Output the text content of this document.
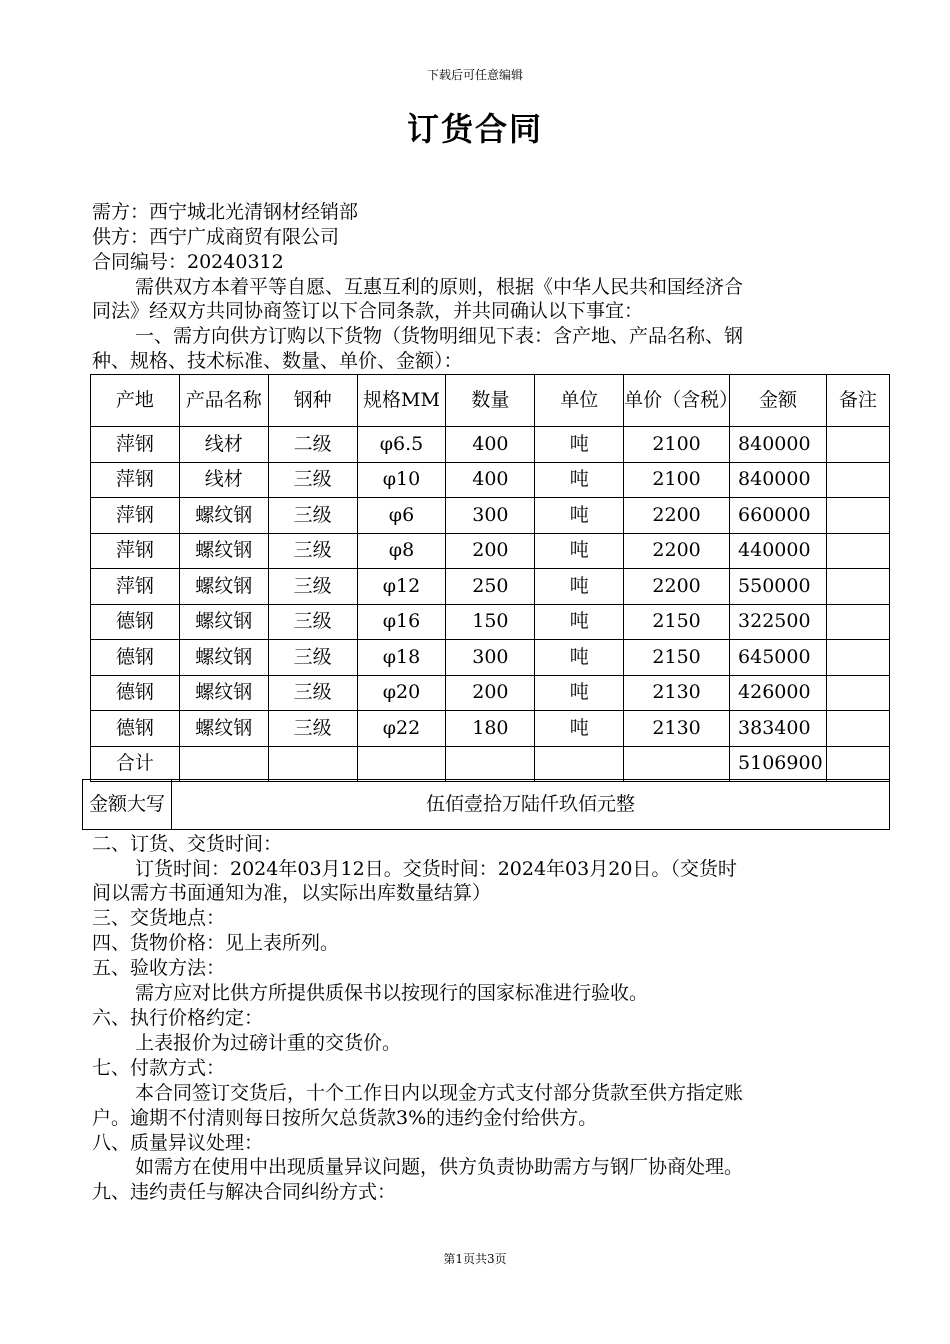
下载后可任意编辑
订货合同
需方：西宁城北光清钢材经销部
供方：西宁广成商贸有限公司
合同编号：20240312
需供双方本着平等自愿、互惠互利的原则，根据《中华人民共和国经济合
同法》经双方共同协商签订以下合同条款，并共同确认以下事宜：
一、需方向供方订购以下货物（货物明细见下表：含产地、产品名称、钢
种、规格、技术标准、数量、单价、金额）：
产地	产品名称	钢种	规格MM	数量	单位	单价（含税）	金额	备注
萍钢	线材	二级	φ6.5	400	吨	2100	840000	
萍钢	线材	三级	φ10	400	吨	2100	840000	
萍钢	螺纹钢	三级	φ6	300	吨	2200	660000	
萍钢	螺纹钢	三级	φ8	200	吨	2200	440000	
萍钢	螺纹钢	三级	φ12	250	吨	2200	550000	
德钢	螺纹钢	三级	φ16	150	吨	2150	322500	
德钢	螺纹钢	三级	φ18	300	吨	2150	645000	
德钢	螺纹钢	三级	φ20	200	吨	2130	426000	
德钢	螺纹钢	三级	φ22	180	吨	2130	383400	
合计							5106900	
金额大写	伍佰壹拾万陆仟玖佰元整
二、订货、交货时间：
订货时间：2024年03月12日。交货时间：2024年03月20日。（交货时
间以需方书面通知为准，以实际出库数量结算）
三、交货地点：
四、货物价格：见上表所列。
五、验收方法：
需方应对比供方所提供质保书以按现行的国家标准进行验收。
六、执行价格约定：
上表报价为过磅计重的交货价。
七、付款方式：
本合同签订交货后，十个工作日内以现金方式支付部分货款至供方指定账
户。逾期不付清则每日按所欠总货款3%的违约金付给供方。
八、质量异议处理：
如需方在使用中出现质量异议问题，供方负责协助需方与钢厂协商处理。
九、违约责任与解决合同纠纷方式：
第1页共3页
